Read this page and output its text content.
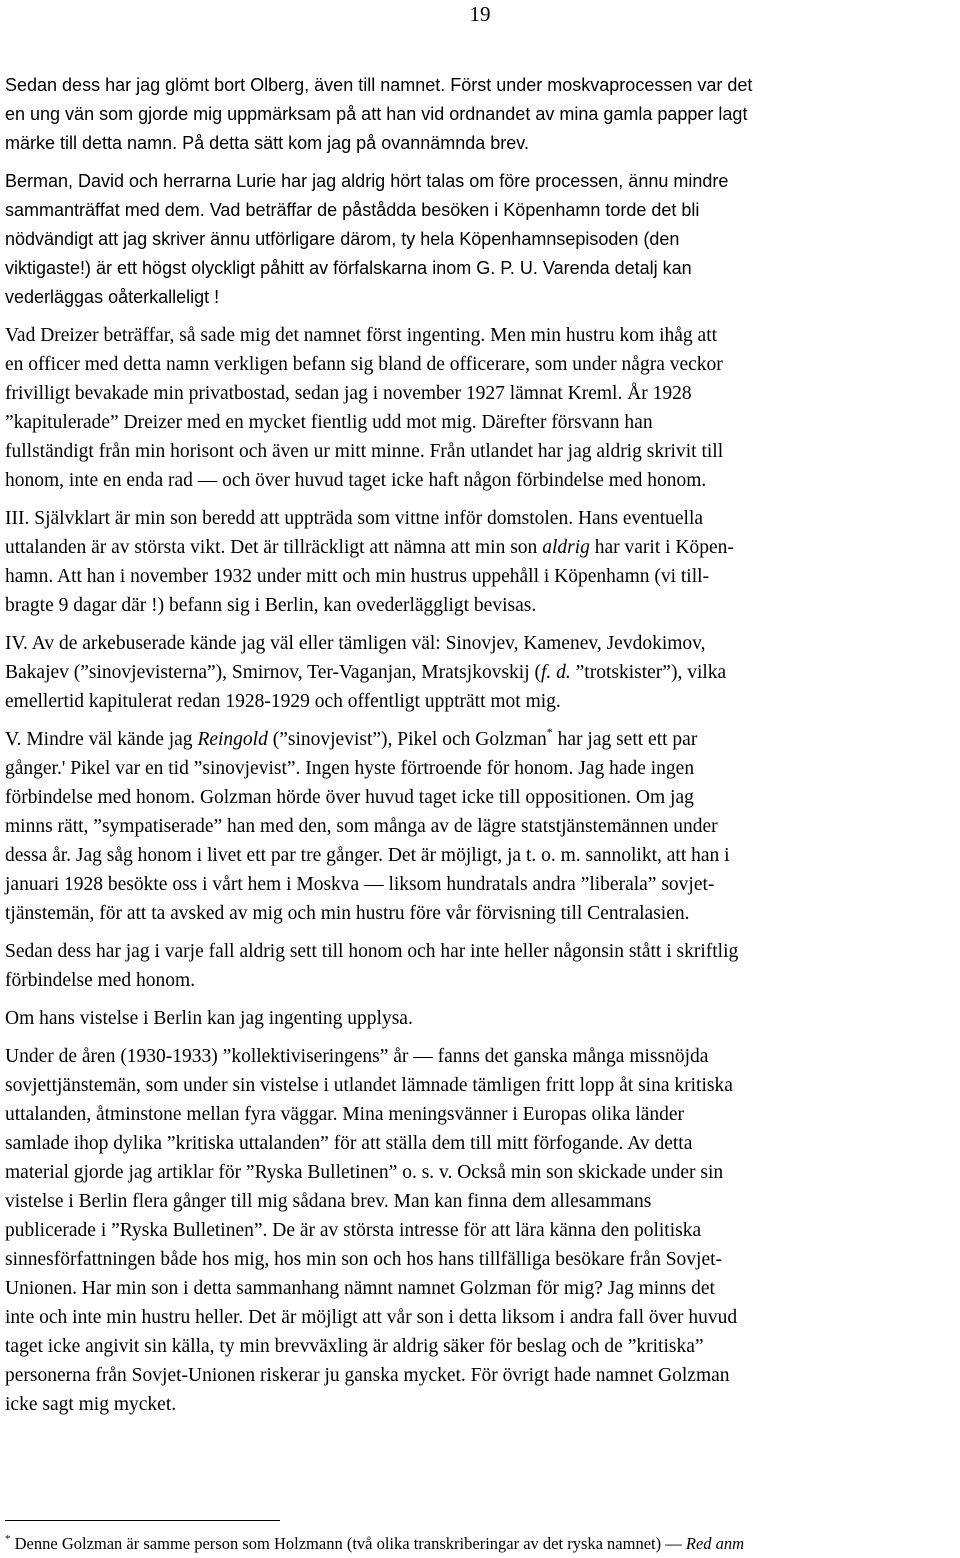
19

Sedan dess har jag glömt bort Olberg, även till namnet. Först under moskvaprocessen var det
en ung vän som gjorde mig uppmärksam på att han vid ordnandet av mina gamla papper lagt
märke till detta namn. På detta sätt kom jag på ovannämnda brev.

Berman, David och herrarna Lurie har jag aldrig hört talas om före processen, ännu mindre
sammanträffat med dem. Vad beträffar de påstådda besöken i Köpenhamn torde det bli
nödvändigt att jag skriver ännu utförligare därom, ty hela Köpenhamnsepisoden (den
viktigaste!) är ett högst olyckligt påhitt av förfalskarna inom G. P. U. Varenda detalj kan
vederläggas oåterkalleligt !

Vad Dreizer beträffar, så sade mig det namnet först ingenting. Men min hustru kom ihåg att
en officer med detta namn verkligen befann sig bland de officerare, som under några veckor
frivilligt bevakade min privatbostad, sedan jag i november 1927 lämnat Kreml. År 1928
”kapitulerade” Dreizer med en mycket fientlig udd mot mig. Därefter försvann han
fullständigt från min horisont och även ur mitt minne. Från utlandet har jag aldrig skrivit till
honom, inte en enda rad — och över huvud taget icke haft någon förbindelse med honom.

III. Självklart är min son beredd att uppträda som vittne inför domstolen. Hans eventuella
uttalanden är av största vikt. Det är tillräckligt att nämna att min son aldrig har varit i Köpen-
hamn. Att han i november 1932 under mitt och min hustrus uppehåll i Köpenhamn (vi till-
bragte 9 dagar där !) befann sig i Berlin, kan ovederläggligt bevisas.

IV. Av de arkebuserade kände jag väl eller tämligen väl: Sinovjev, Kamenev, Jevdokimov,
Bakajev (”sinovjevisterna”), Smirnov, Ter-Vaganjan, Mratsjkovskij (f. d. ”trotskister”), vilka
emellertid kapitulerat redan 1928-1929 och offentligt uppträtt mot mig.

V. Mindre väl kände jag Reingold (”sinovjevist”), Pikel och Golzman* har jag sett ett par
gånger.' Pikel var en tid ”sinovjevist”. Ingen hyste förtroende för honom. Jag hade ingen
förbindelse med honom. Golzman hörde över huvud taget icke till oppositionen. Om jag
minns rätt, ”sympatiserade” han med den, som många av de lägre statstjänstemännen under
dessa år. Jag såg honom i livet ett par tre gånger. Det är möjligt, ja t. o. m. sannolikt, att han i
januari 1928 besökte oss i vårt hem i Moskva — liksom hundratals andra ”liberala” sovjet-
tjänstemän, för att ta avsked av mig och min hustru före vår förvisning till Centralasien.

Sedan dess har jag i varje fall aldrig sett till honom och har inte heller någonsin stått i skriftlig
förbindelse med honom.

Om hans vistelse i Berlin kan jag ingenting upplysa.

Under de åren (1930-1933) ”kollektiviseringens” år — fanns det ganska många missnöjda
sovjettjänstemän, som under sin vistelse i utlandet lämnade tämligen fritt lopp åt sina kritiska
uttalanden, åtminstone mellan fyra väggar. Mina meningsvänner i Europas olika länder
samlade ihop dylika ”kritiska uttalanden” för att ställa dem till mitt förfogande. Av detta
material gjorde jag artiklar för ”Ryska Bulletinen” o. s. v. Också min son skickade under sin
vistelse i Berlin flera gånger till mig sådana brev. Man kan finna dem allesammans
publicerade i ”Ryska Bulletinen”. De är av största intresse för att lära känna den politiska
sinnesförfattningen både hos mig, hos min son och hos hans tillfälliga besökare från Sovjet-
Unionen. Har min son i detta sammanhang nämnt namnet Golzman för mig? Jag minns det
inte och inte min hustru heller. Det är möjligt att vår son i detta liksom i andra fall över huvud
taget icke angivit sin källa, ty min brevväxling är aldrig säker för beslag och de ”kritiska”
personerna från Sovjet-Unionen riskerar ju ganska mycket. För övrigt hade namnet Golzman
icke sagt mig mycket.

* Denne Golzman är samme person som Holzmann (två olika transkriberingar av det ryska namnet) — Red anm
